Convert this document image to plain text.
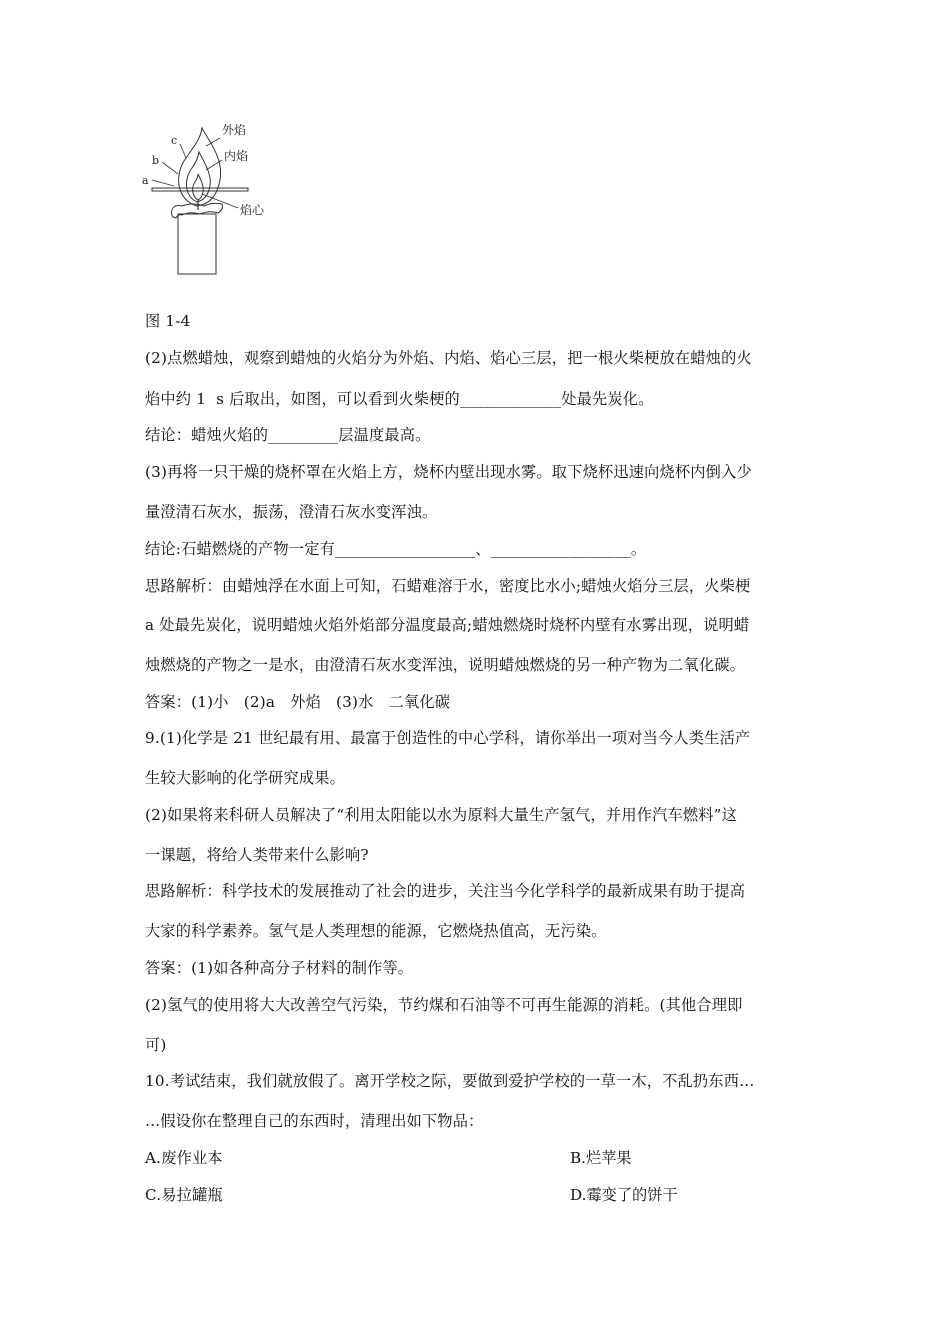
外焰
内焰
焰心
c
b
a
图 1-4
(2)点燃蜡烛，观察到蜡烛的火焰分为外焰、内焰、焰心三层，把一根火柴梗放在蜡烛的火
焰中约 1  s 后取出，如图，可以看到火柴梗的_____________处最先炭化。
结论：蜡烛火焰的_________层温度最高。
(3)再将一只干燥的烧杯罩在火焰上方，烧杯内壁出现水雾。取下烧杯迅速向烧杯内倒入少
量澄清石灰水，振荡，澄清石灰水变浑浊。
结论:石蜡燃烧的产物一定有__________________、__________________。
思路解析：由蜡烛浮在水面上可知，石蜡难溶于水，密度比水小;蜡烛火焰分三层，火柴梗
a 处最先炭化，说明蜡烛火焰外焰部分温度最高;蜡烛燃烧时烧杯内壁有水雾出现，说明蜡
烛燃烧的产物之一是水，由澄清石灰水变浑浊，说明蜡烛燃烧的另一种产物为二氧化碳。
答案：(1)小   (2)a   外焰   (3)水   二氧化碳
9.(1)化学是 21 世纪最有用、最富于创造性的中心学科，请你举出一项对当今人类生活产
生较大影响的化学研究成果。
(2)如果将来科研人员解决了“利用太阳能以水为原料大量生产氢气，并用作汽车燃料”这
一课题，将给人类带来什么影响?
思路解析：科学技术的发展推动了社会的进步，关注当今化学科学的最新成果有助于提高
大家的科学素养。氢气是人类理想的能源，它燃烧热值高，无污染。
答案：(1)如各种高分子材料的制作等。
(2)氢气的使用将大大改善空气污染，节约煤和石油等不可再生能源的消耗。(其他合理即
可)
10.考试结束，我们就放假了。离开学校之际，要做到爱护学校的一草一木，不乱扔东西…
…假设你在整理自己的东西时，清理出如下物品：
A.废作业本	B.烂苹果
C.易拉罐瓶	D.霉变了的饼干
